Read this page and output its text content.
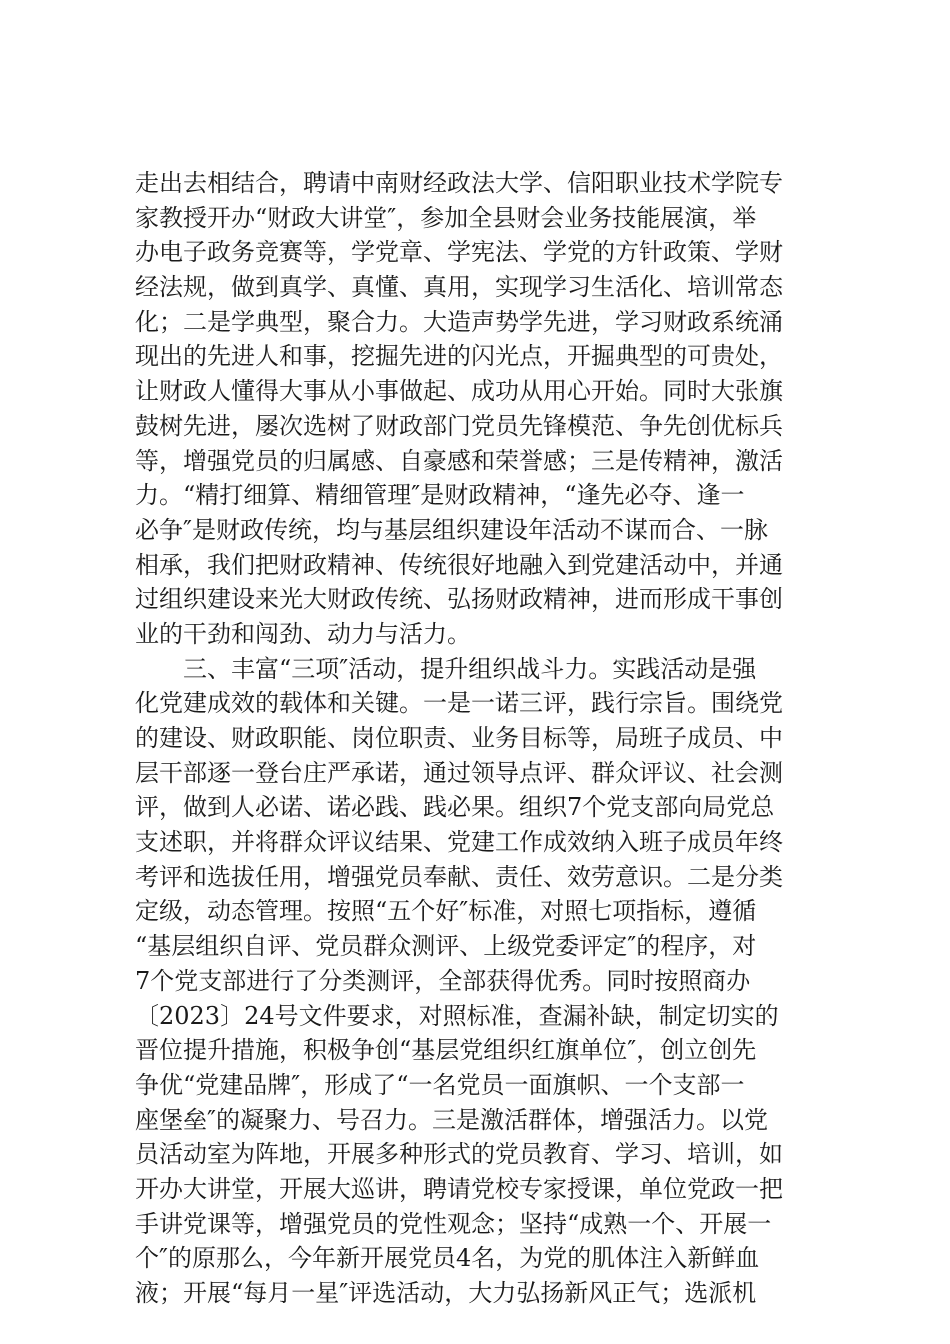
走出去相结合，聘请中南财经政法大学、信阳职业技术学院专
家教授开办“财政大讲堂″，参加全县财会业务技能展演，举
办电子政务竞赛等，学党章、学宪法、学党的方针政策、学财
经法规，做到真学、真懂、真用，实现学习生活化、培训常态
化；二是学典型，聚合力。大造声势学先进，学习财政系统涌
现出的先进人和事，挖掘先进的闪光点，开掘典型的可贵处，
让财政人懂得大事从小事做起、成功从用心开始。同时大张旗
鼓树先进，屡次选树了财政部门党员先锋模范、争先创优标兵
等，增强党员的归属感、自豪感和荣誉感；三是传精神，激活
力。“精打细算、精细管理″是财政精神，“逢先必夺、逢一
必争″是财政传统，均与基层组织建设年活动不谋而合、一脉
相承，我们把财政精神、传统很好地融入到党建活动中，并通
过组织建设来光大财政传统、弘扬财政精神，进而形成干事创
业的干劲和闯劲、动力与活力。
三、丰富“三项″活动，提升组织战斗力。实践活动是强
化党建成效的载体和关键。一是一诺三评，践行宗旨。围绕党
的建设、财政职能、岗位职责、业务目标等，局班子成员、中
层干部逐一登台庄严承诺，通过领导点评、群众评议、社会测
评，做到人必诺、诺必践、践必果。组织7个党支部向局党总
支述职，并将群众评议结果、党建工作成效纳入班子成员年终
考评和选拔任用，增强党员奉献、责任、效劳意识。二是分类
定级，动态管理。按照“五个好″标准，对照七项指标，遵循
“基层组织自评、党员群众测评、上级党委评定″的程序，对
7个党支部进行了分类测评，全部获得优秀。同时按照商办
〔2023〕24号文件要求，对照标准，查漏补缺，制定切实的
晋位提升措施，积极争创“基层党组织红旗单位″，创立创先
争优“党建品牌″，形成了“一名党员一面旗帜、一个支部一
座堡垒″的凝聚力、号召力。三是激活群体，增强活力。以党
员活动室为阵地，开展多种形式的党员教育、学习、培训，如
开办大讲堂，开展大巡讲，聘请党校专家授课，单位党政一把
手讲党课等，增强党员的党性观念；坚持“成熟一个、开展一
个″的原那么，今年新开展党员4名，为党的肌体注入新鲜血
液；开展“每月一星″评选活动，大力弘扬新风正气；选派机
